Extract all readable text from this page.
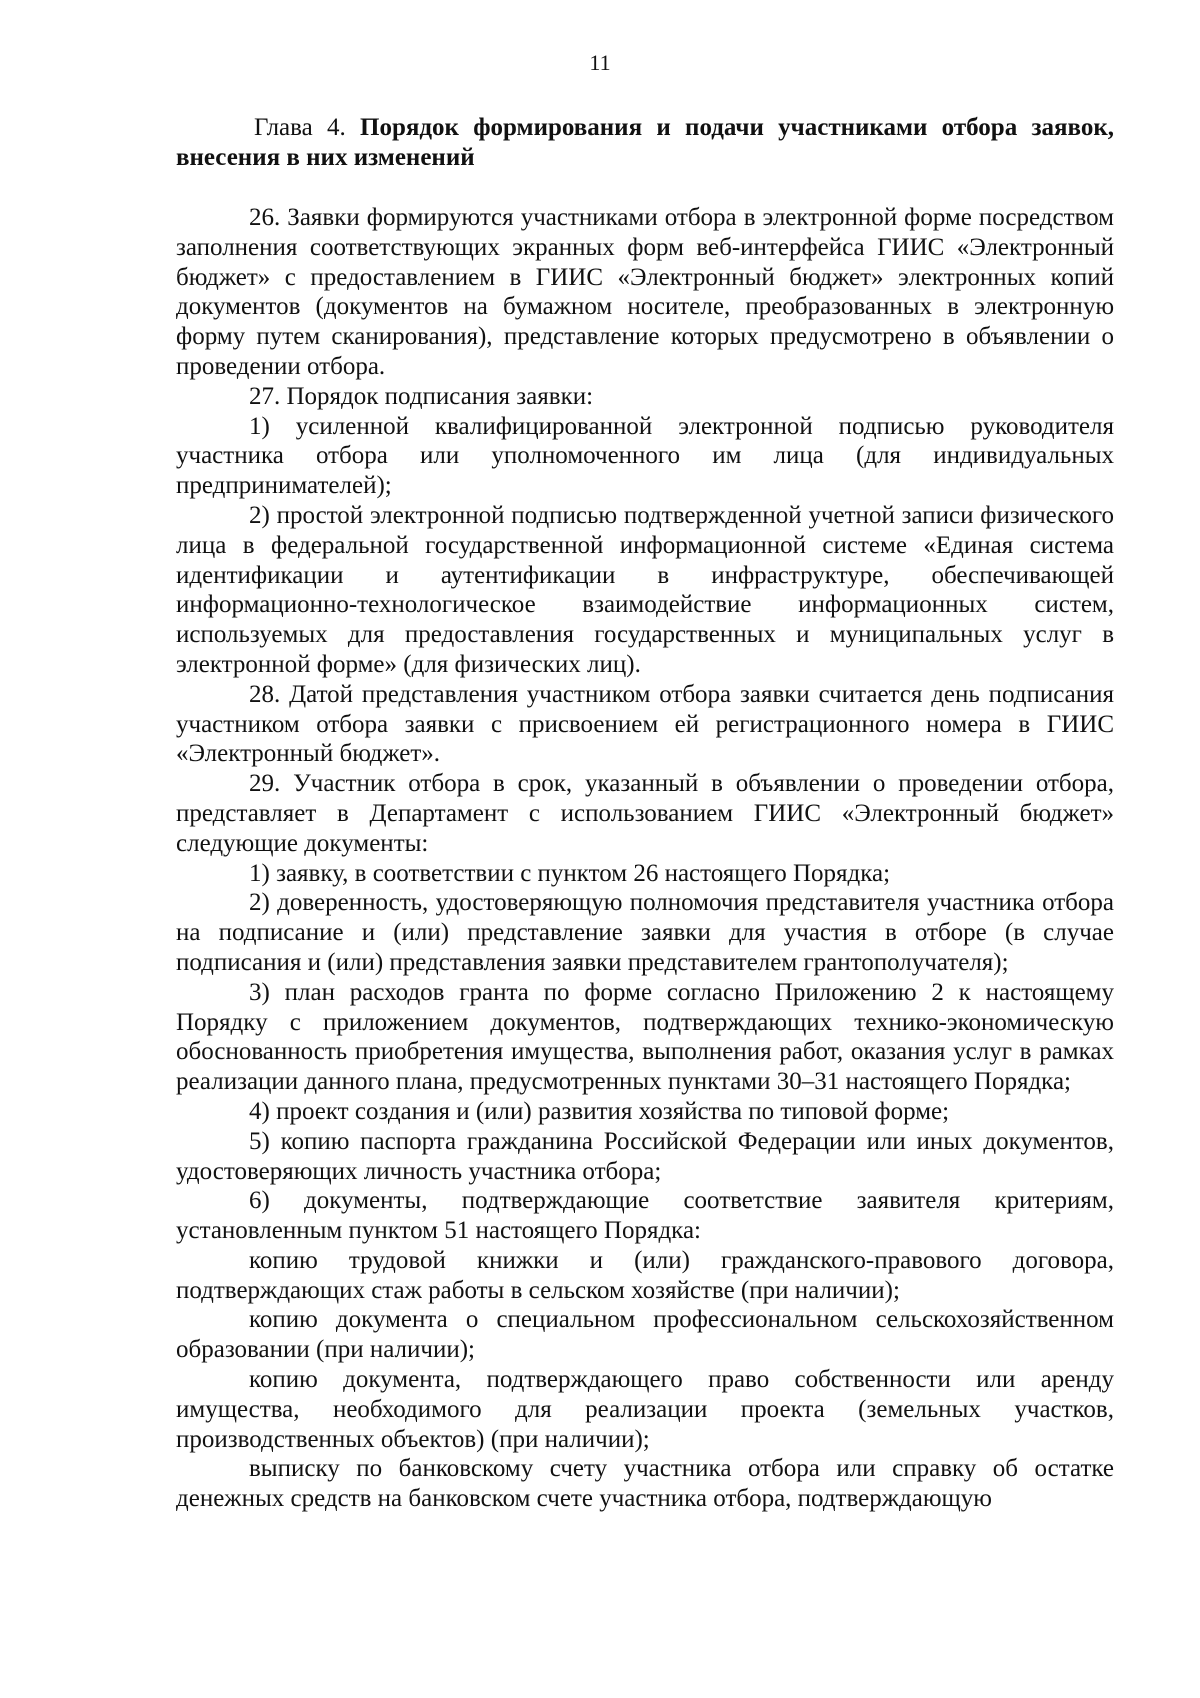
11
Глава 4. Порядок формирования и подачи участниками отбора заявок, внесения в них изменений

26. Заявки формируются участниками отбора в электронной форме посредством заполнения соответствующих экранных форм веб-интерфейса ГИИС «Электронный бюджет» с предоставлением в ГИИС «Электронный бюджет» электронных копий документов (документов на бумажном носителе, преобразованных в электронную форму путем сканирования), представление которых предусмотрено в объявлении о проведении отбора.

27. Порядок подписания заявки:

1) усиленной квалифицированной электронной подписью руководителя участника отбора или уполномоченного им лица (для индивидуальных предпринимателей);

2) простой электронной подписью подтвержденной учетной записи физического лица в федеральной государственной информационной системе «Единая система идентификации и аутентификации в инфраструктуре, обеспечивающей информационно-технологическое взаимодействие информационных систем, используемых для предоставления государственных и муниципальных услуг в электронной форме» (для физических лиц).

28. Датой представления участником отбора заявки считается день подписания участником отбора заявки с присвоением ей регистрационного номера в ГИИС «Электронный бюджет».

29. Участник отбора в срок, указанный в объявлении о проведении отбора, представляет в Департамент с использованием ГИИС «Электронный бюджет» следующие документы:

1) заявку, в соответствии с пунктом 26 настоящего Порядка;

2) доверенность, удостоверяющую полномочия представителя участника отбора на подписание и (или) представление заявки для участия в отборе (в случае подписания и (или) представления заявки представителем грантополучателя);

3) план расходов гранта по форме согласно Приложению 2 к настоящему Порядку с приложением документов, подтверждающих технико-экономическую обоснованность приобретения имущества, выполнения работ, оказания услуг в рамках реализации данного плана, предусмотренных пунктами 30–31 настоящего Порядка;

4) проект создания и (или) развития хозяйства по типовой форме;

5) копию паспорта гражданина Российской Федерации или иных документов, удостоверяющих личность участника отбора;

6) документы, подтверждающие соответствие заявителя критериям, установленным пунктом 51 настоящего Порядка:

копию трудовой книжки и (или) гражданского-правового договора, подтверждающих стаж работы в сельском хозяйстве (при наличии);

копию документа о специальном профессиональном сельскохозяйственном образовании (при наличии);

копию документа, подтверждающего право собственности или аренду имущества, необходимого для реализации проекта (земельных участков, производственных объектов) (при наличии);

выписку по банковскому счету участника отбора или справку об остатке денежных средств на банковском счете участника отбора, подтверждающую
